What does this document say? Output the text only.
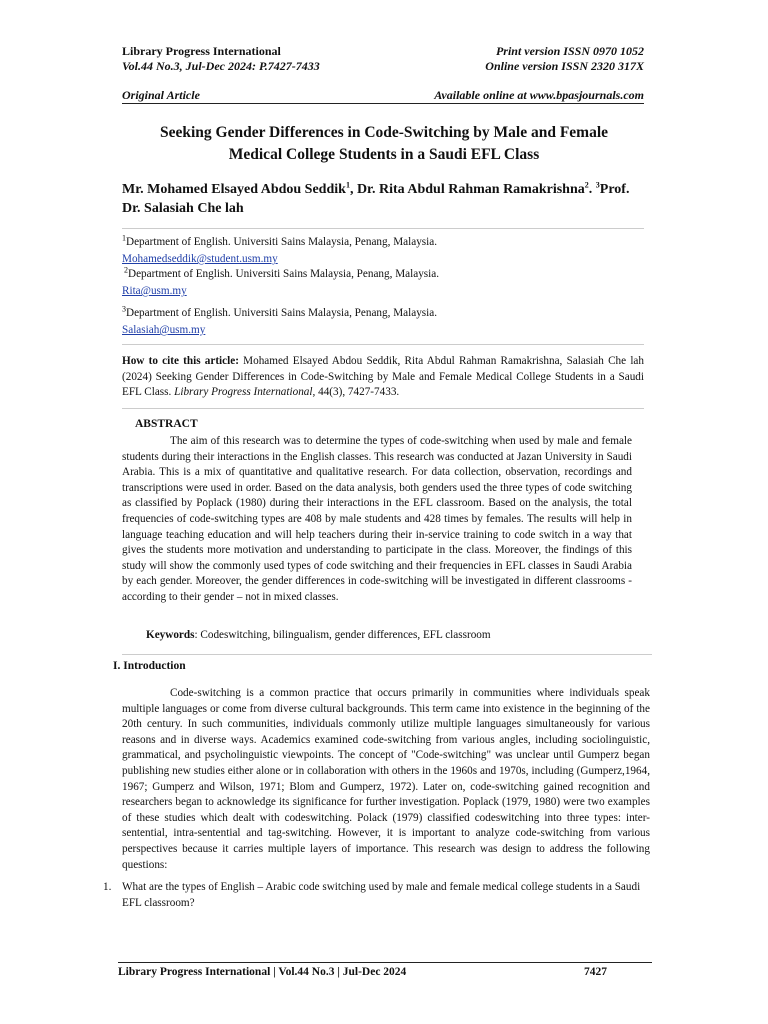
Library Progress International
Vol.44 No.3, Jul-Dec 2024: P.7427-7433
Print version ISSN 0970 1052
Online version ISSN 2320 317X
Original Article	Available online at www.bpasjournals.com
Seeking Gender Differences in Code-Switching by Male and Female
Medical College Students in a Saudi EFL Class
Mr. Mohamed Elsayed Abdou Seddik$^1$, Dr. Rita Abdul Rahman Ramakrishna$^2$. $^3$Prof.
Dr. Salasiah Che lah
$^1$Department of English. Universiti Sains Malaysia, Penang, Malaysia.
Mohamedseddik@student.usm.my
$^2$Department of English. Universiti Sains Malaysia, Penang, Malaysia.
Rita@usm.my
$^3$Department of English. Universiti Sains Malaysia, Penang, Malaysia.
Salasiah@usm.my
How to cite this article: Mohamed Elsayed Abdou Seddik, Rita Abdul Rahman Ramakrishna, Salasiah Che lah (2024) Seeking Gender Differences in Code-Switching by Male and Female Medical College Students in a Saudi EFL Class. Library Progress International, 44(3), 7427-7433.
ABSTRACT
The aim of this research was to determine the types of code-switching when used by male and female students during their interactions in the English classes. This research was conducted at Jazan University in Saudi Arabia. This is a mix of quantitative and qualitative research. For data collection, observation, recordings and transcriptions were used in order. Based on the data analysis, both genders used the three types of code switching as classified by Poplack (1980) during their interactions in the EFL classroom. Based on the analysis, the total frequencies of code-switching types are 408 by male students and 428 times by females. The results will help in language teaching education and will help teachers during their in-service training to code switch in a way that gives the students more motivation and understanding to participate in the class. Moreover, the findings of this study will show the commonly used types of code switching and their frequencies in EFL classes in Saudi Arabia by each gender. Moreover, the gender differences in code-switching will be investigated in different classrooms - according to their gender – not in mixed classes.
Keywords: Codeswitching, bilingualism, gender differences, EFL classroom
I. Introduction
Code-switching is a common practice that occurs primarily in communities where individuals speak multiple languages or come from diverse cultural backgrounds. This term came into existence in the beginning of the 20th century. In such communities, individuals commonly utilize multiple languages simultaneously for various reasons and in diverse ways. Academics examined code-switching from various angles, including sociolinguistic, grammatical, and psycholinguistic viewpoints. The concept of "Code-switching" was unclear until Gumperz began publishing new studies either alone or in collaboration with others in the 1960s and 1970s, including (Gumperz,1964, 1967; Gumperz and Wilson, 1971; Blom and Gumperz, 1972). Later on, code-switching gained recognition and researchers began to acknowledge its significance for further investigation. Poplack (1979, 1980) were two examples of these studies which dealt with codeswitching. Polack (1979) classified codeswitching into three types: inter-sentential, intra-sentential and tag-switching. However, it is important to analyze code-switching from various perspectives because it carries multiple layers of importance. This research was design to address the following questions:
1. What are the types of English – Arabic code switching used by male and female medical college students in a Saudi EFL classroom?
Library Progress International | Vol.44 No.3 | Jul-Dec 2024	7427
